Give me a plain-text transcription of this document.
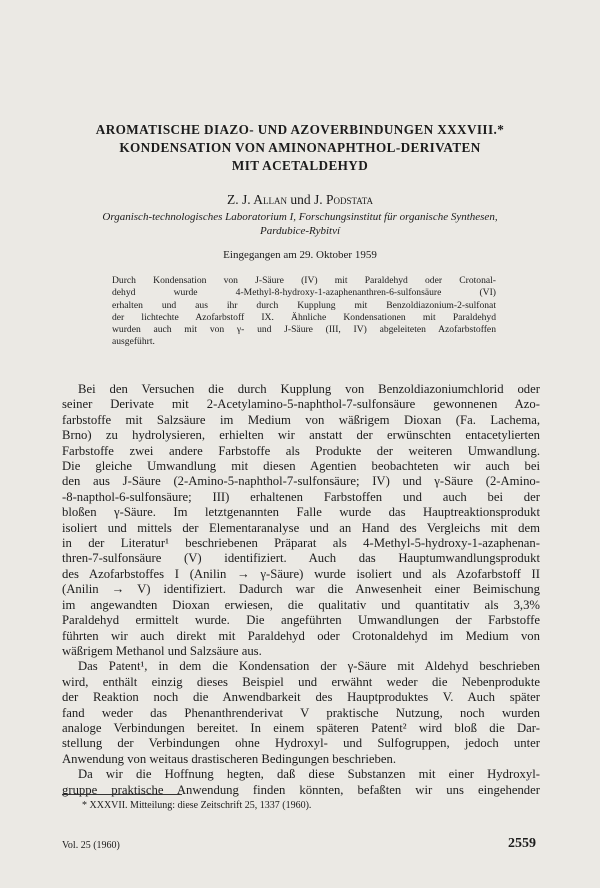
AROMATISCHE DIAZO- UND AZOVERBINDUNGEN XXXVIII.*
KONDENSATION VON AMINONAPHTHOL-DERIVATEN
MIT ACETALDEHYD

Z. J. Allan und J. Podstata

Organisch-technologisches Laboratorium I, Forschungsinstitut für organische Synthesen,
Pardubice-Rybitví

Eingegangen am 29. Oktober 1959

Durch Kondensation von J-Säure (IV) mit Paraldehyd oder Crotonal-
dehyd wurde 4-Methyl-8-hydroxy-1-azaphenanthren-6-sulfonsäure (VI)
erhalten und aus ihr durch Kupplung mit Benzoldiazonium-2-sulfonat
der lichtechte Azofarbstoff IX. Ähnliche Kondensationen mit Paraldehyd
wurden auch mit von γ- und J-Säure (III, IV) abgeleiteten Azofarbstoffen
ausgeführt.
Bei den Versuchen die durch Kupplung von Benzoldiazoniumchlorid oder
seiner Derivate mit 2-Acetylamino-5-naphthol-7-sulfonsäure gewonnenen Azo-
farbstoffe mit Salzsäure im Medium von wäßrigem Dioxan (Fa. Lachema,
Brno) zu hydrolysieren, erhielten wir anstatt der erwünschten entacetylierten
Farbstoffe zwei andere Farbstoffe als Produkte der weiteren Umwandlung.
Die gleiche Umwandlung mit diesen Agentien beobachteten wir auch bei
den aus J-Säure (2-Amino-5-naphthol-7-sulfonsäure; IV) und γ-Säure (2-Amino-
-8-napthol-6-sulfonsäure; III) erhaltenen Farbstoffen und auch bei der
bloßen γ-Säure. Im letztgenannten Falle wurde das Hauptreaktionsprodukt
isoliert und mittels der Elementaranalyse und an Hand des Vergleichs mit dem
in der Literatur¹ beschriebenen Präparat als 4-Methyl-5-hydroxy-1-azaphenan-
thren-7-sulfonsäure (V) identifiziert. Auch das Hauptumwandlungsprodukt
des Azofarbstoffes I (Anilin → γ-Säure) wurde isoliert und als Azofarbstoff II
(Anilin → V) identifiziert. Dadurch war die Anwesenheit einer Beimischung
im angewandten Dioxan erwiesen, die qualitativ und quantitativ als 3,3%
Paraldehyd ermittelt wurde. Die angeführten Umwandlungen der Farbstoffe
führten wir auch direkt mit Paraldehyd oder Crotonaldehyd im Medium von
wäßrigem Methanol und Salzsäure aus.
Das Patent¹, in dem die Kondensation der γ-Säure mit Aldehyd beschrieben
wird, enthält einzig dieses Beispiel und erwähnt weder die Nebenprodukte
der Reaktion noch die Anwendbarkeit des Hauptproduktes V. Auch später
fand weder das Phenanthrenderivat V praktische Nutzung, noch wurden
analoge Verbindungen bereitet. In einem späteren Patent² wird bloß die Dar-
stellung der Verbindungen ohne Hydroxyl- und Sulfogruppen, jedoch unter
Anwendung von weitaus drastischeren Bedingungen beschrieben.
Da wir die Hoffnung hegten, daß diese Substanzen mit einer Hydroxyl-
gruppe praktische Anwendung finden könnten, befaßten wir uns eingehender

* XXXVII. Mitteilung: diese Zeitschrift 25, 1337 (1960).

Vol. 25 (1960)	2559
